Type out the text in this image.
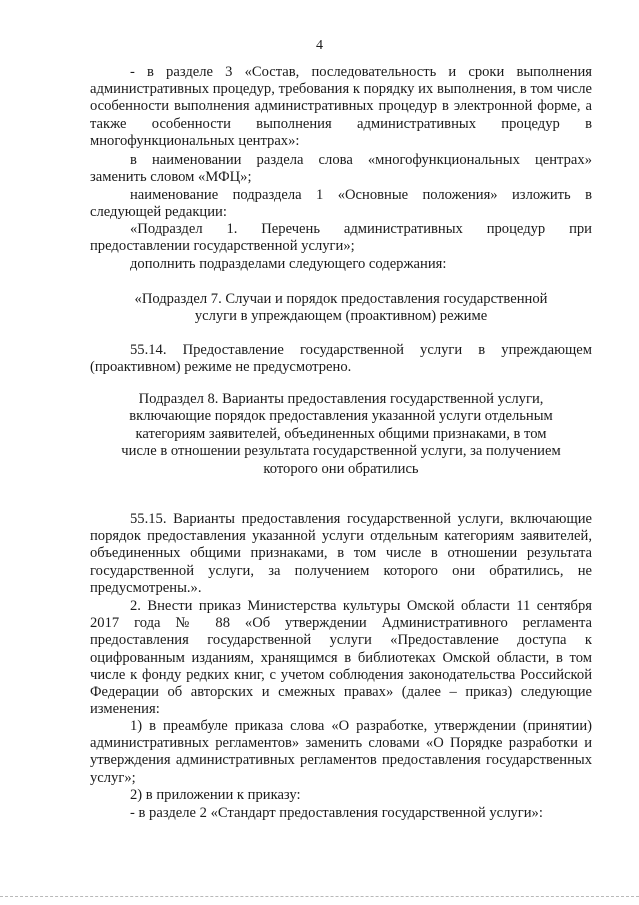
4

- в разделе 3 «Состав, последовательность и сроки выполнения административных процедур, требования к порядку их выполнения, в том числе особенности выполнения административных процедур в электронной форме, а также особенности выполнения административных процедур в многофункциональных центрах»:

в наименовании раздела слова «многофункциональных центрах» заменить словом «МФЦ»;

наименование подраздела 1 «Основные положения» изложить в следующей редакции:

«Подраздел 1. Перечень административных процедур при предоставлении государственной услуги»;

дополнить подразделами следующего содержания:

«Подраздел 7. Случаи и порядок предоставления государственной услуги в упреждающем (проактивном) режиме

55.14. Предоставление государственной услуги в упреждающем (проактивном) режиме не предусмотрено.

Подраздел 8. Варианты предоставления государственной услуги, включающие порядок предоставления указанной услуги отдельным категориям заявителей, объединенных общими признаками, в том числе в отношении результата государственной услуги, за получением которого они обратились

55.15. Варианты предоставления государственной услуги, включающие порядок предоставления указанной услуги отдельным категориям заявителей, объединенных общими признаками, в том числе в отношении результата государственной услуги, за получением которого они обратились, не предусмотрены.».

2. Внести приказ Министерства культуры Омской области 11 сентября 2017 года № 88 «Об утверждении Административного регламента предоставления государственной услуги «Предоставление доступа к оцифрованным изданиям, хранящимся в библиотеках Омской области, в том числе к фонду редких книг, с учетом соблюдения законодательства Российской Федерации об авторских и смежных правах» (далее – приказ) следующие изменения:

1) в преамбуле приказа слова «О разработке, утверждении (принятии) административных регламентов» заменить словами «О Порядке разработки и утверждения административных регламентов предоставления государственных услуг»;

2) в приложении к приказу:

- в разделе 2 «Стандарт предоставления государственной услуги»:
